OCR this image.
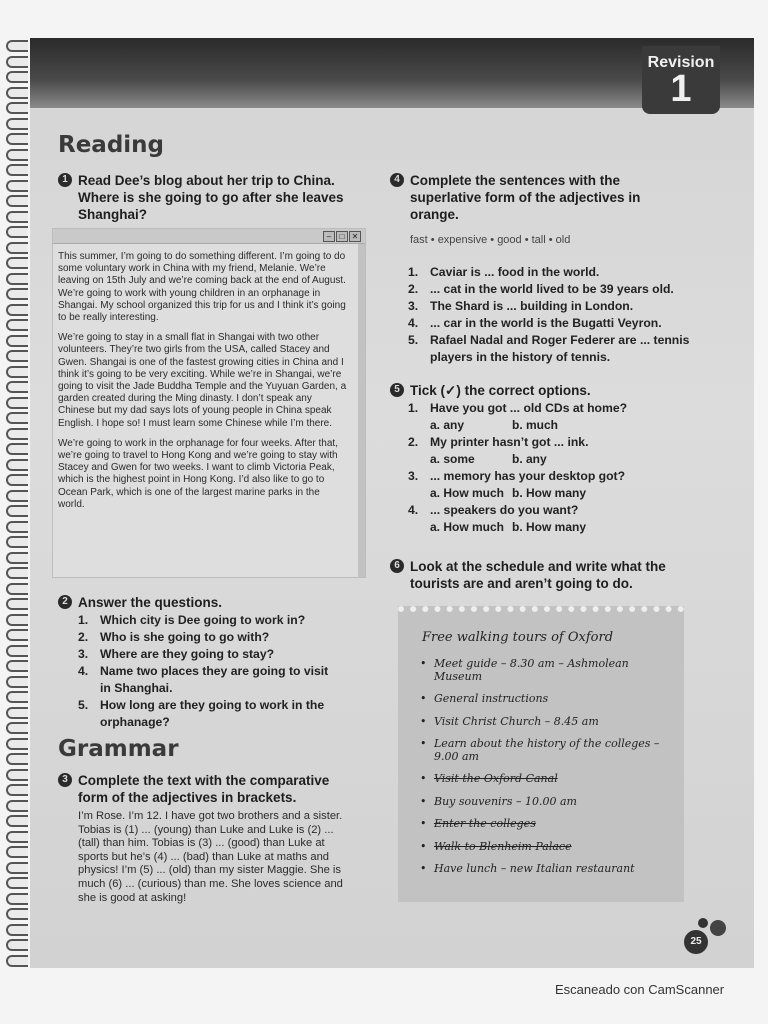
Revision
1
Reading
1 Read Dee’s blog about her trip to China. Where is she going to go after she leaves Shanghai?
–	□ ✕

This summer, I’m going to do something different. I’m going to do some voluntary work in China with my friend, Melanie. We’re leaving on 15th July and we’re coming back at the end of August. We’re going to work with young children in an orphanage in Shangai. My school organized this trip for us and I think it’s going to be really interesting.

We’re going to stay in a small flat in Shangai with two other volunteers. They’re two girls from the USA, called Stacey and Gwen. Shangai is one of the fastest growing cities in China and I think it’s going to be very exciting. While we’re in Shangai, we’re going to visit the Jade Buddha Temple and the Yuyuan Garden, a garden created during the Ming dinasty. I don’t speak any Chinese but my dad says lots of young people in China speak English. I hope so! I must learn some Chinese while I’m there.

We’re going to work in the orphanage for four weeks. After that, we’re going to travel to Hong Kong and we’re going to stay with Stacey and Gwen for two weeks. I want to climb Victoria Peak, which is the highest point in Hong Kong. I’d also like to go to Ocean Park, which is one of the largest marine parks in the world.

2 Answer the questions.
1. Which city is Dee going to work in?
2. Who is she going to go with?
3. Where are they going to stay?
4. Name two places they are going to visit in Shanghai.
5. How long are they going to work in the orphanage?
Grammar
3 Complete the text with the comparative form of the adjectives in brackets.
I’m Rose. I’m 12. I have got two brothers and a sister. Tobias is (1) ... (young) than Luke and Luke is (2) ... (tall) than him. Tobias is (3) ... (good) than Luke at sports but he’s (4) ... (bad) than Luke at maths and physics! I’m (5) ... (old) than my sister Maggie. She is much (6) ... (curious) than me. She loves science and she is good at asking!
4 Complete the sentences with the superlative form of the adjectives in orange.
fast • expensive • good • tall • old
1. Caviar is ... food in the world.
2. ... cat in the world lived to be 39 years old.
3. The Shard is ... building in London.
4. ... car in the world is the Bugatti Veyron.
5. Rafael Nadal and Roger Federer are ... tennis players in the history of tennis.
5 Tick (✓) the correct options.
1. Have you got ... old CDs at home?
a. any	b. much
2. My printer hasn’t got ... ink.
a. some	b. any
3. ... memory has your desktop got?
a. How much b. How many
4. ... speakers do you want?
a. How much b. How many
6 Look at the schedule and write what the tourists are and aren’t going to do.
Free walking tours of Oxford
• Meet guide – 8.30 am – Ashmolean Museum
• General instructions
• Visit Christ Church – 8.45 am
• Learn about the history of the colleges – 9.00 am
• Visit the Oxford Canal
• Buy souvenirs – 10.00 am
• Enter the colleges
• Walk to Blenheim Palace
• Have lunch – new Italian restaurant
25
Escaneado con CamScanner
